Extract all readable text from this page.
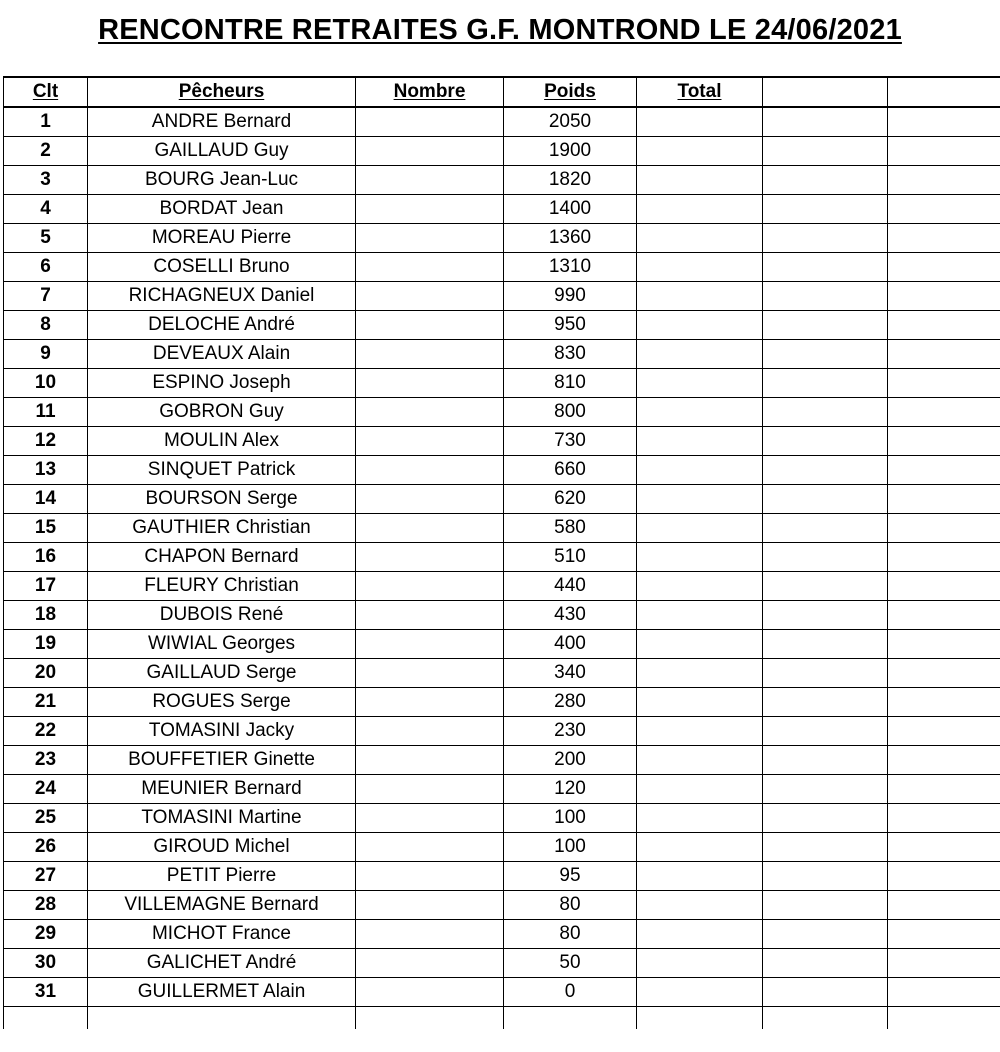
RENCONTRE RETRAITES G.F. MONTROND LE 24/06/2021
Clt	Pêcheurs	Nombre	Poids	Total		
1	ANDRE Bernard		2050			
2	GAILLAUD Guy		1900			
3	BOURG Jean-Luc		1820			
4	BORDAT Jean		1400			
5	MOREAU Pierre		1360			
6	COSELLI Bruno		1310			
7	RICHAGNEUX Daniel		990			
8	DELOCHE André		950			
9	DEVEAUX Alain		830			
10	ESPINO Joseph		810			
11	GOBRON Guy		800			
12	MOULIN Alex		730			
13	SINQUET Patrick		660			
14	BOURSON Serge		620			
15	GAUTHIER Christian		580			
16	CHAPON Bernard		510			
17	FLEURY Christian		440			
18	DUBOIS René		430			
19	WIWIAL Georges		400			
20	GAILLAUD Serge		340			
21	ROGUES Serge		280			
22	TOMASINI Jacky		230			
23	BOUFFETIER Ginette		200			
24	MEUNIER Bernard		120			
25	TOMASINI Martine		100			
26	GIROUD Michel		100			
27	PETIT Pierre		95			
28	VILLEMAGNE Bernard		80			
29	MICHOT France		80			
30	GALICHET André		50			
31	GUILLERMET Alain		0			
